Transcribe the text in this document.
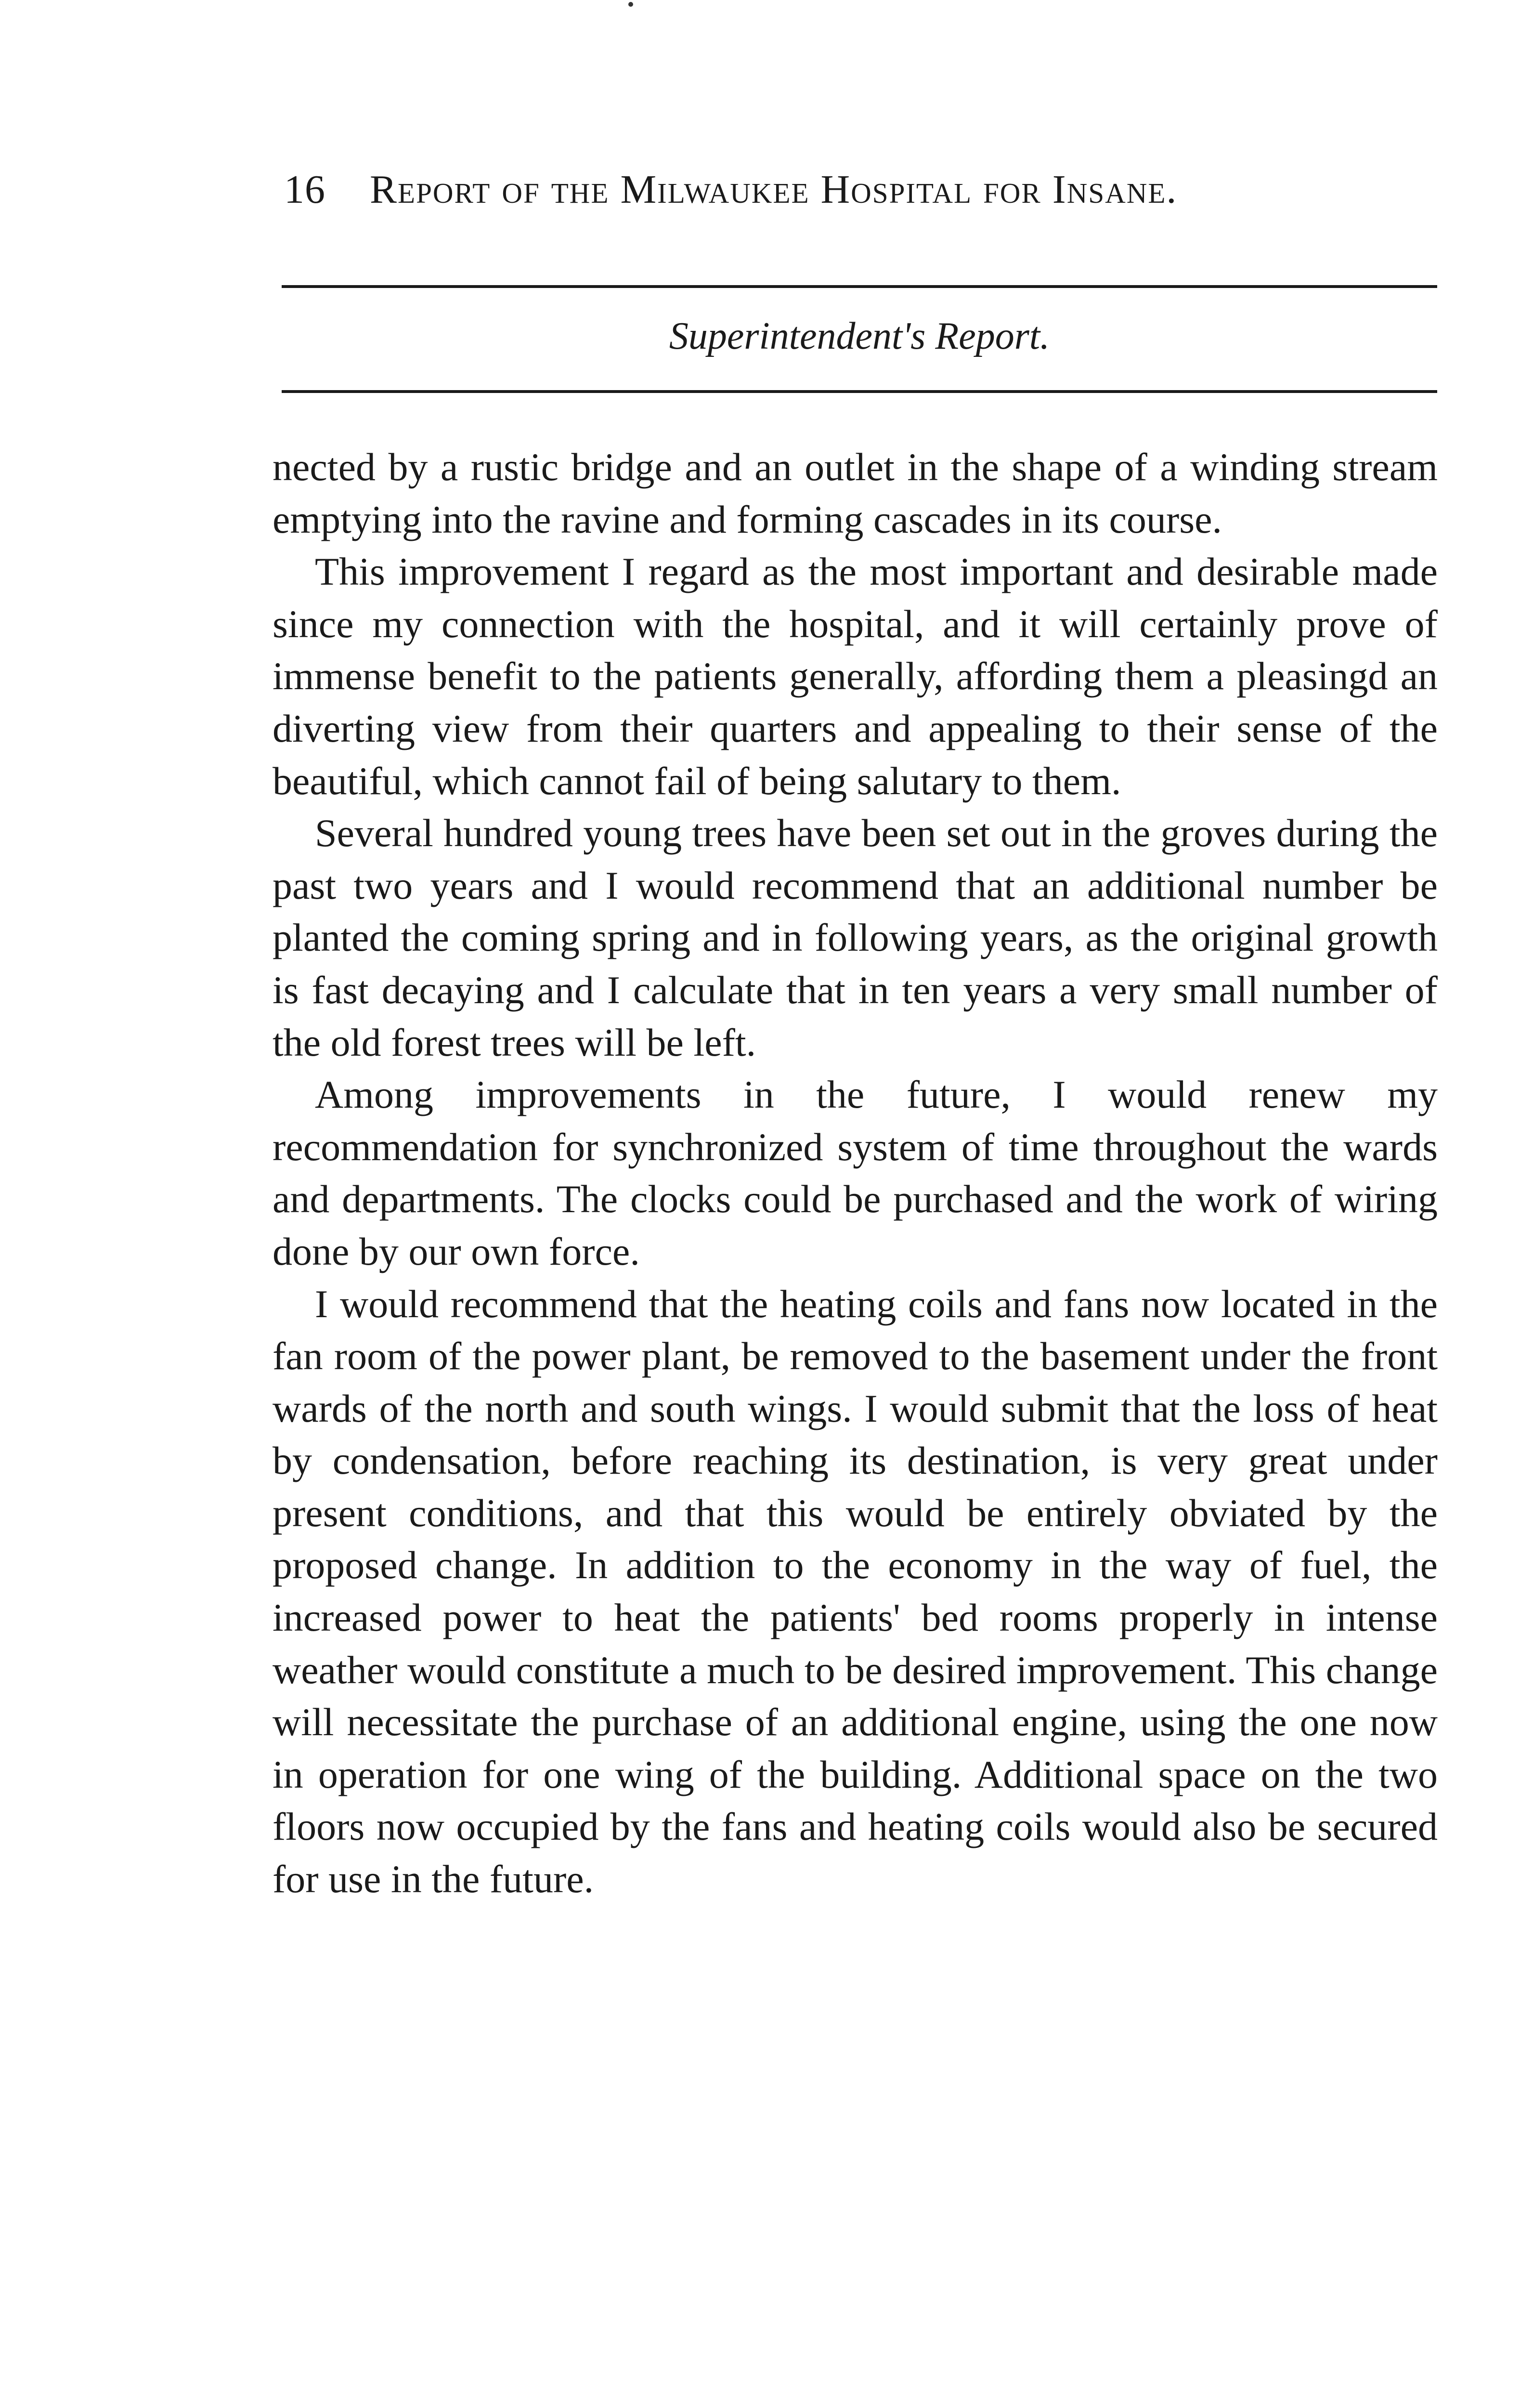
16 Report of the Milwaukee Hospital for Insane.
Superintendent's Report.

nected by a rustic bridge and an outlet in the shape of a winding stream emptying into the ravine and forming cascades in its course.

This improvement I regard as the most important and desirable made since my connection with the hospital, and it will certainly prove of immense benefit to the patients generally, affording them a pleasingd an diverting view from their quarters and appealing to their sense of the beautiful, which cannot fail of being salutary to them.

Several hundred young trees have been set out in the groves during the past two years and I would recommend that an additional number be planted the coming spring and in following years, as the original growth is fast decaying and I calculate that in ten years a very small number of the old forest trees will be left.

Among improvements in the future, I would renew my recommendation for synchronized system of time throughout the wards and departments. The clocks could be purchased and the work of wiring done by our own force.

I would recommend that the heating coils and fans now located in the fan room of the power plant, be removed to the basement under the front wards of the north and south wings. I would submit that the loss of heat by condensation, before reaching its destination, is very great under present conditions, and that this would be entirely obviated by the proposed change. In addition to the economy in the way of fuel, the increased power to heat the patients' bed rooms properly in intense weather would constitute a much to be desired improvement. This change will necessitate the purchase of an additional engine, using the one now in operation for one wing of the building. Additional space on the two floors now occupied by the fans and heating coils would also be secured for use in the future.
